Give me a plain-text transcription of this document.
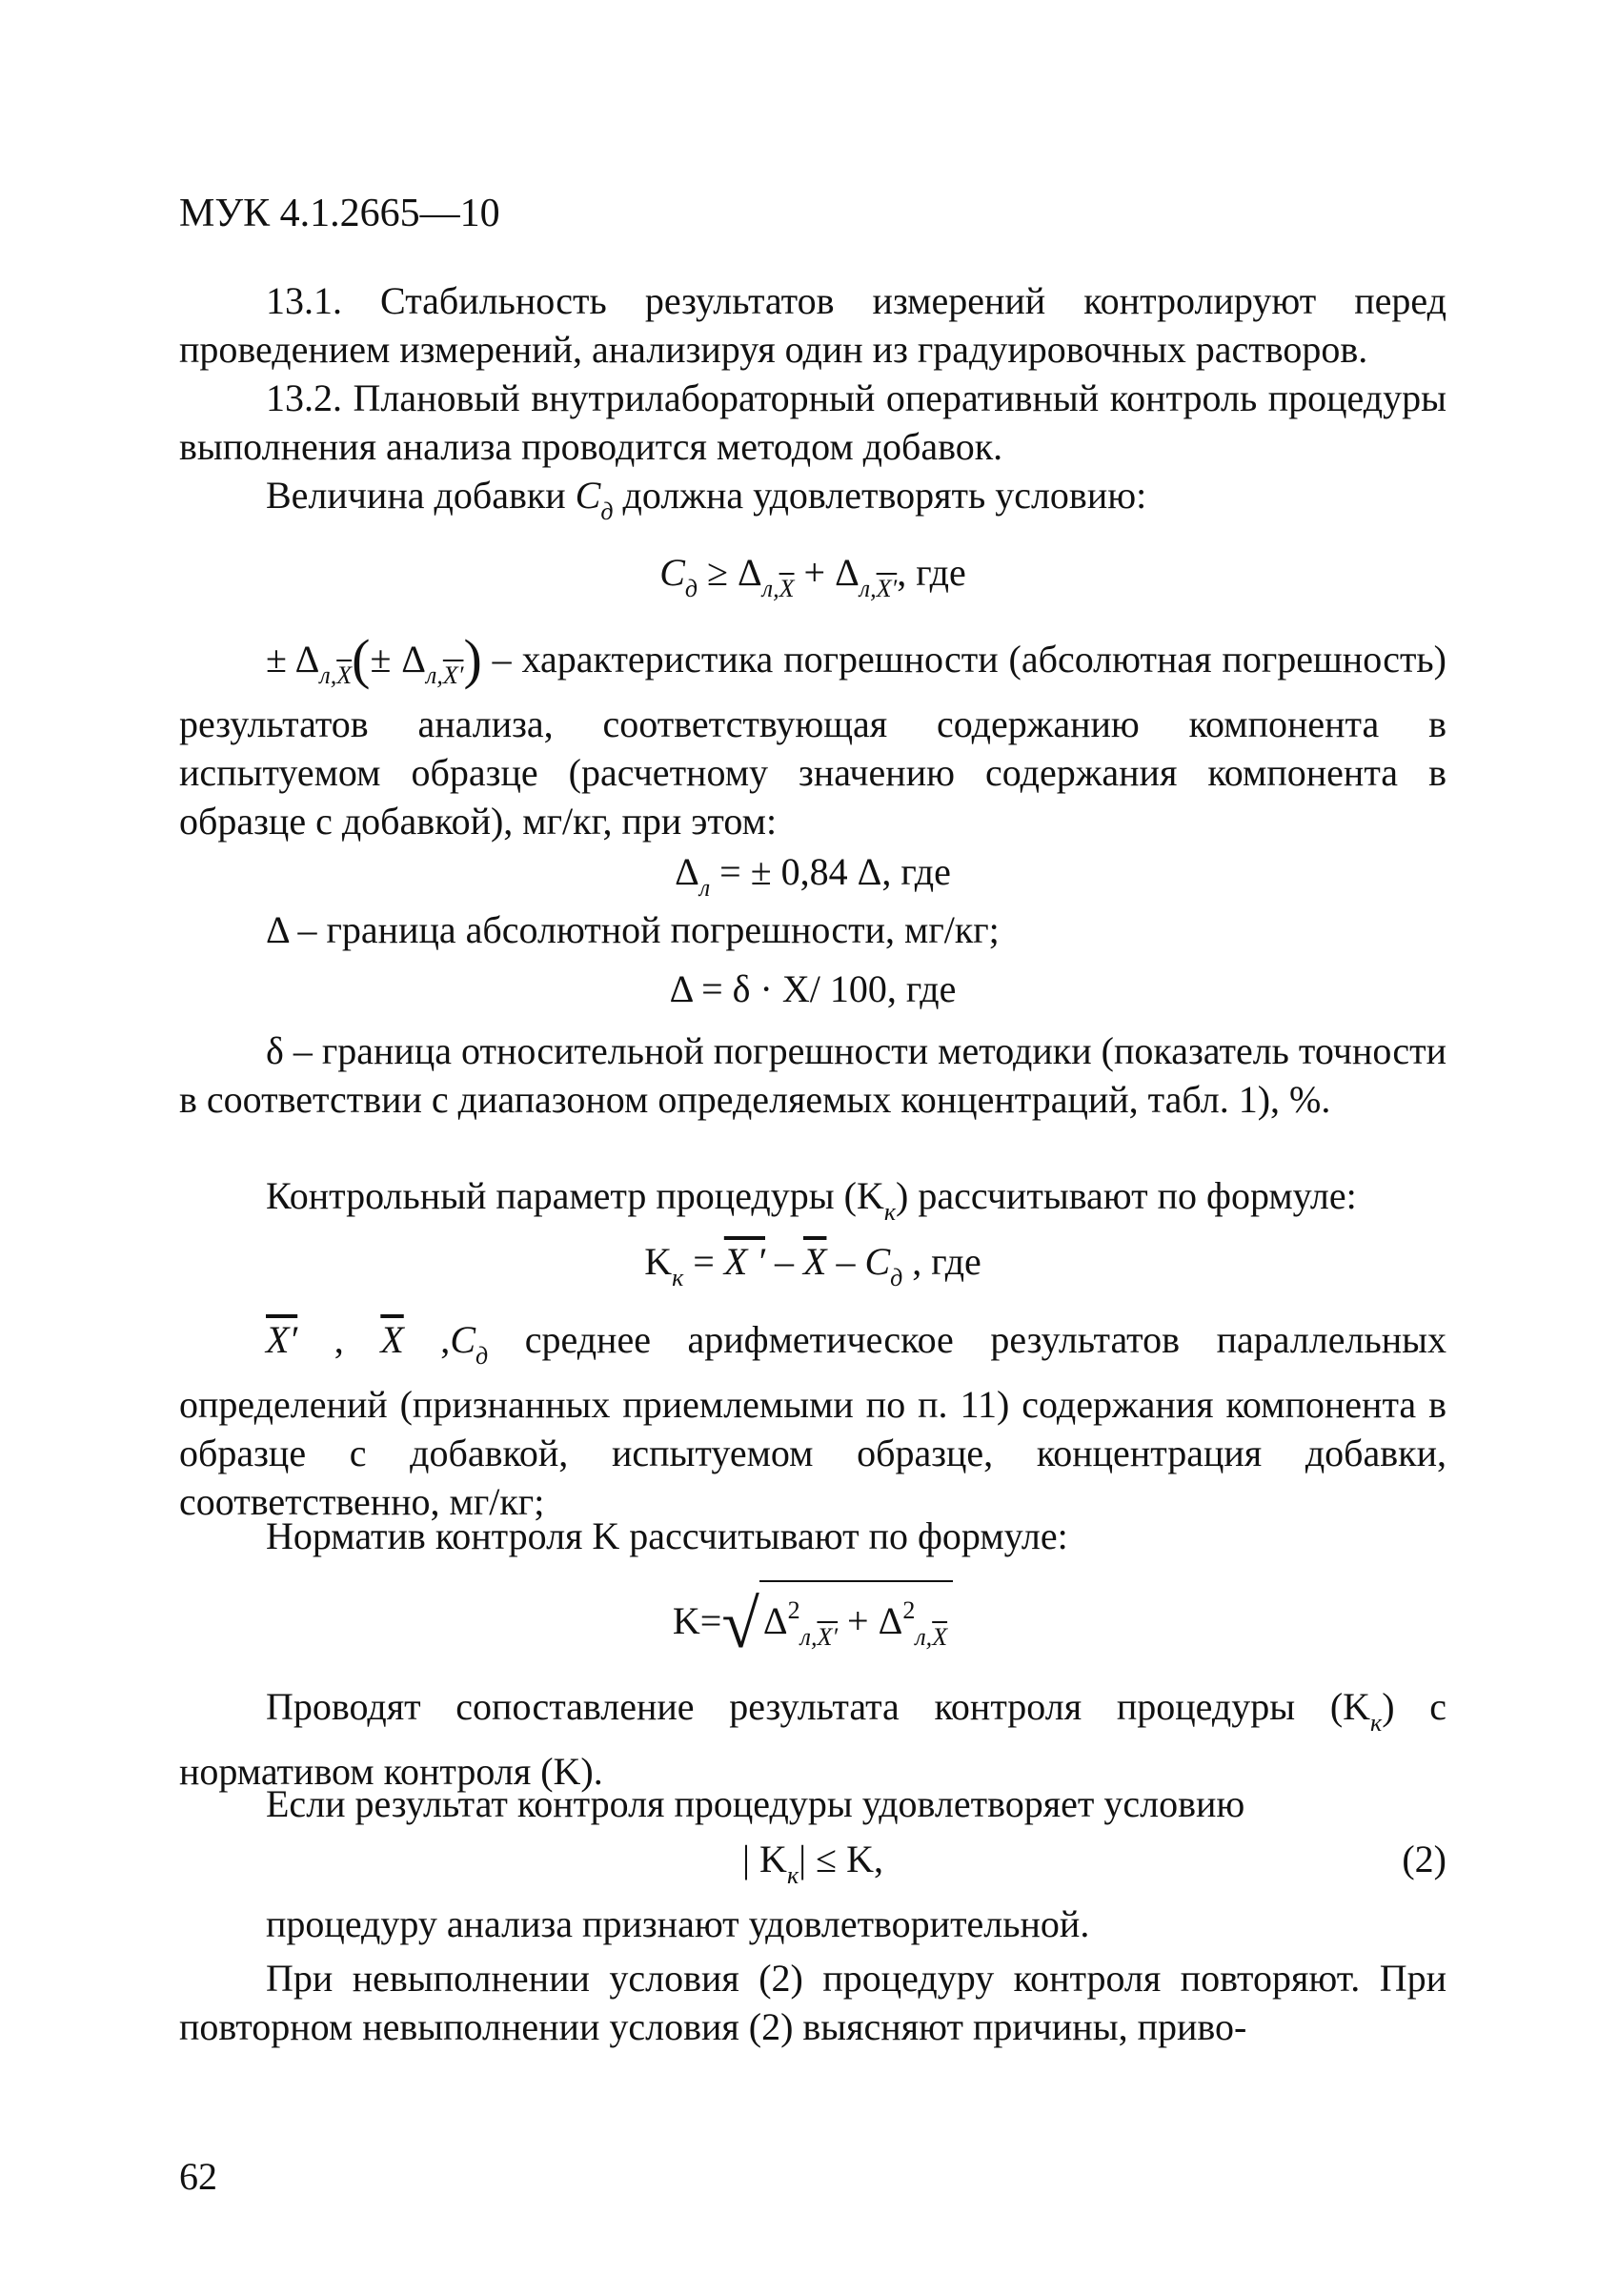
МУК 4.1.2665—10

13.1. Стабильность результатов измерений контролируют перед проведением измерений, анализируя один из градуировочных растворов.

13.2. Плановый внутрилабораторный оперативный контроль процедуры выполнения анализа проводится методом добавок.

Величина добавки $C_д$ должна удовлетворять условию:

$C_д \ge \Delta_{л,\overline{X}} + \Delta_{л,X'}$, где

± $\Delta_{л,\overline{X}}(\pm \Delta_{л,X'})$ – характеристика погрешности (абсолютная погрешность) результатов анализа, соответствующая содержанию компонента в испытуемом образце (расчетному значению содержания компонента в образце с добавкой), мг/кг, при этом:

$\Delta_л$ = ± 0,84 Δ, где

Δ – граница абсолютной погрешности, мг/кг;

Δ = δ · X/ 100, где

δ – граница относительной погрешности методики (показатель точности в соответствии с диапазоном определяемых концентраций, табл. 1), %.

Контрольный параметр процедуры $(K_к)$ рассчитывают по формуле:

$K_к = X$ ′ – $\overline{X} - C_д$ , где

X′ , $\overline{X}$ $,C_д$ среднее арифметическое результатов параллельных определений (признанных приемлемыми по п. 11) содержания компонента в образце с добавкой, испытуемом образце, концентрация добавки, соответственно, мг/кг;

Норматив контроля K рассчитывают по формуле:

K=√ $\Delta^2_{л,X'} + \Delta^2_{л,\overline{X}}$

Проводят сопоставление результата контроля процедуры $(K_к)$ с нормативом контроля (K).

Если результат контроля процедуры удовлетворяет условию

| $K_к| \le K$,	(2)

процедуру анализа признают удовлетворительной.

При невыполнении условия (2) процедуру контроля повторяют. При повторном невыполнении условия (2) выясняют причины, приво-

62
